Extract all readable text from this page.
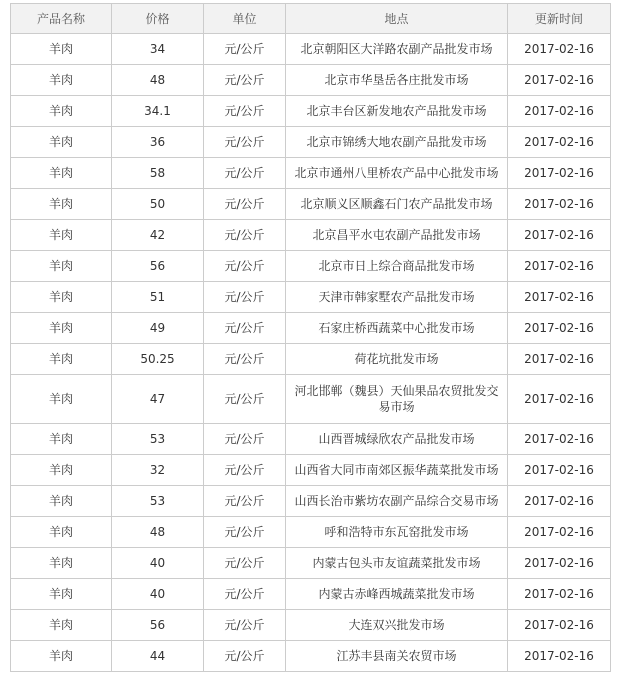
产品名称	价格	单位	地点	更新时间
羊肉	34	元/公斤	北京朝阳区大洋路农副产品批发市场	2017-02-16
羊肉	48	元/公斤	北京市华垦岳各庄批发市场	2017-02-16
羊肉	34.1	元/公斤	北京丰台区新发地农产品批发市场	2017-02-16
羊肉	36	元/公斤	北京市锦绣大地农副产品批发市场	2017-02-16
羊肉	58	元/公斤	北京市通州八里桥农产品中心批发市场	2017-02-16
羊肉	50	元/公斤	北京顺义区顺鑫石门农产品批发市场	2017-02-16
羊肉	42	元/公斤	北京昌平水屯农副产品批发市场	2017-02-16
羊肉	56	元/公斤	北京市日上综合商品批发市场	2017-02-16
羊肉	51	元/公斤	天津市韩家墅农产品批发市场	2017-02-16
羊肉	49	元/公斤	石家庄桥西蔬菜中心批发市场	2017-02-16
羊肉	50.25	元/公斤	荷花坑批发市场	2017-02-16
羊肉	47	元/公斤	河北邯郸（魏县）天仙果品农贸批发交易市场	2017-02-16
羊肉	53	元/公斤	山西晋城绿欣农产品批发市场	2017-02-16
羊肉	32	元/公斤	山西省大同市南郊区振华蔬菜批发市场	2017-02-16
羊肉	53	元/公斤	山西长治市紫坊农副产品综合交易市场	2017-02-16
羊肉	48	元/公斤	呼和浩特市东瓦窑批发市场	2017-02-16
羊肉	40	元/公斤	内蒙古包头市友谊蔬菜批发市场	2017-02-16
羊肉	40	元/公斤	内蒙古赤峰西城蔬菜批发市场	2017-02-16
羊肉	56	元/公斤	大连双兴批发市场	2017-02-16
羊肉	44	元/公斤	江苏丰县南关农贸市场	2017-02-16
